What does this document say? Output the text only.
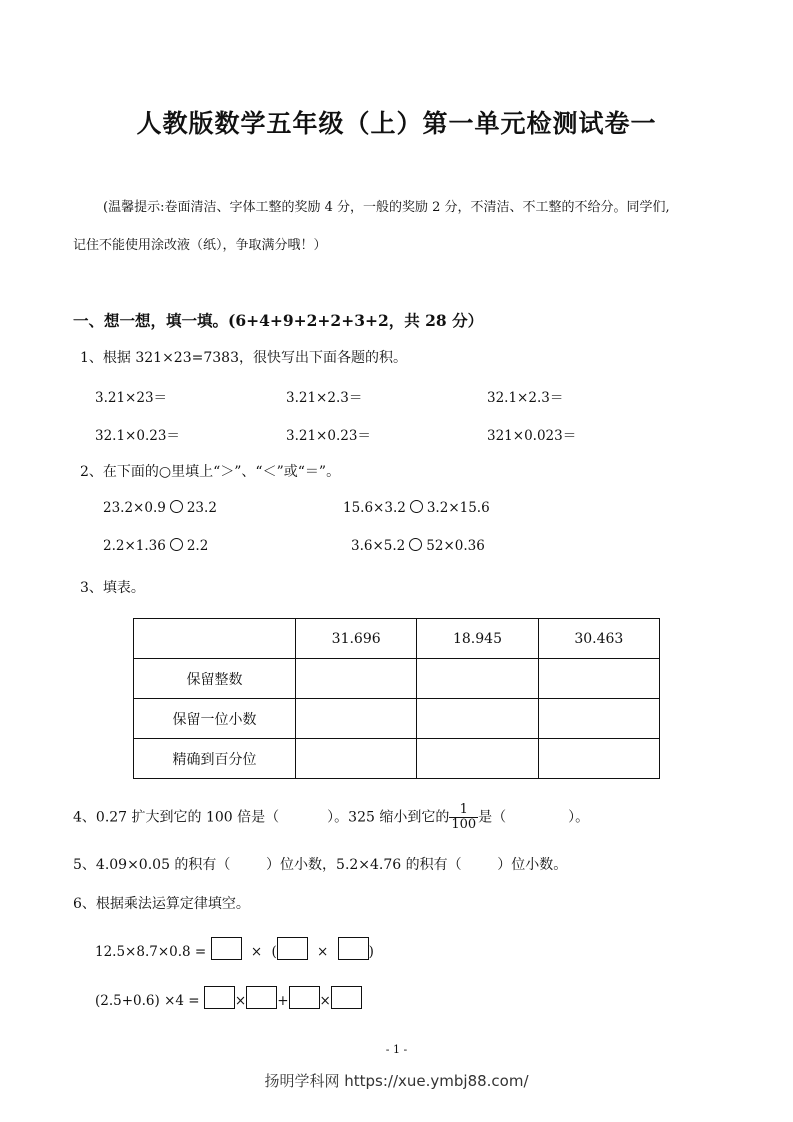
人教版数学五年级（上）第一单元检测试卷一
(温馨提示:卷面清洁、字体工整的奖励 4 分，一般的奖励 2 分，不清洁、不工整的不给分。同学们,
记住不能使用涂改液（纸），争取满分哦！）
一、想一想，填一填。(6+4+9+2+2+3+2，共 28 分）
1、根据 321×23=7383，很快写出下面各题的积。
3.21×23＝	3.21×2.3＝	32.1×2.3＝
32.1×0.23＝	3.21×0.23＝	321×0.023＝
2、在下面的○里填上“＞”、“＜”或“＝”。
23.2×0.9 23.2	15.6×3.2 3.2×15.6
2.2×1.36 2.2	3.6×5.2 52×0.36
3、填表。
	31.696	18.945	30.463
保留整数			
保留一位小数			
精确到百分位			
4、0.27 扩大到它的 100 倍是（	）。325 缩小到它的 $\frac{1}{100}$ 是（	）。
5、4.09×0.05 的积有（        ）位小数，5.2×4.76 的积有（        ）位小数。
6、根据乘法运算定律填空。
12.5×8.7×0.8 =	× (	×	)
(2.5+0.6) ×4 =	× + ×
- 1 -
扬明学科网 https://xue.ymbj88.com/
